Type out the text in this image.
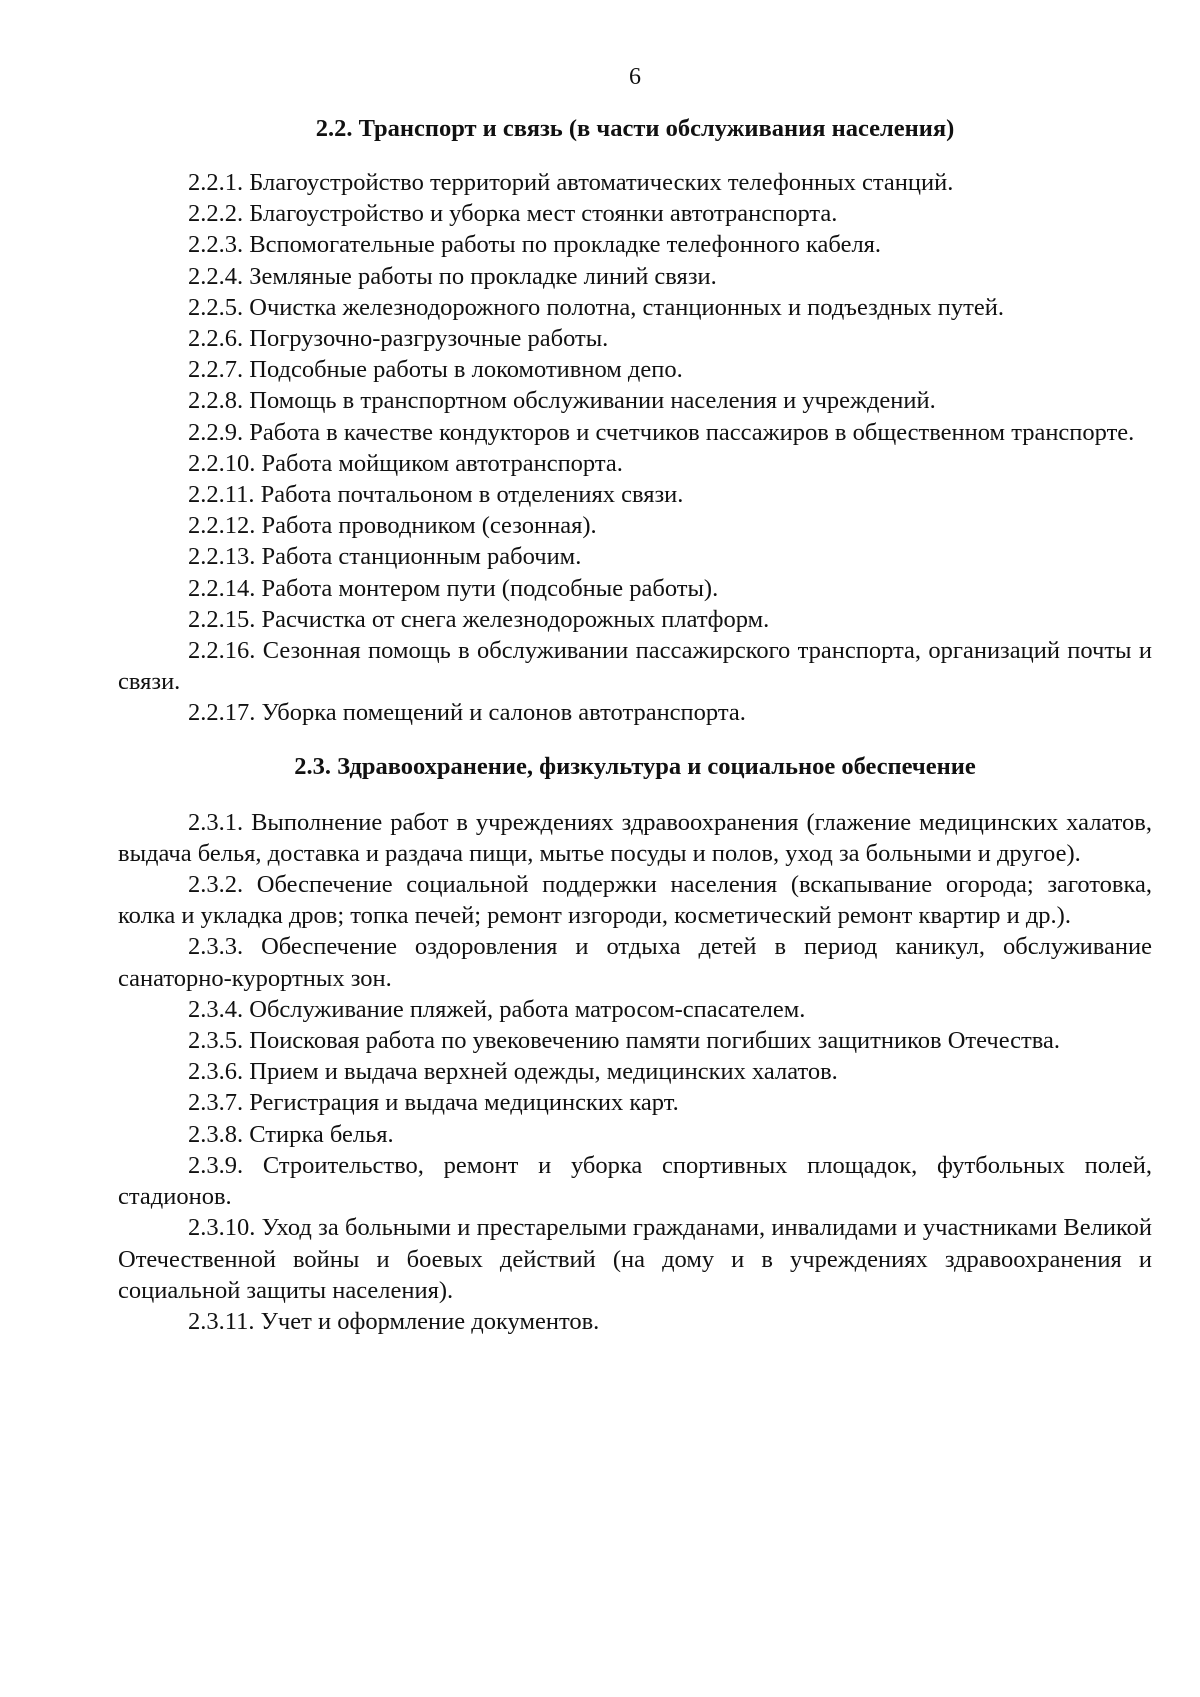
6
2.2. Транспорт и связь (в части обслуживания населения)

2.2.1. Благоустройство территорий автоматических телефонных станций.

2.2.2. Благоустройство и уборка мест стоянки автотранспорта.

2.2.3. Вспомогательные работы по прокладке телефонного кабеля.

2.2.4. Земляные работы по прокладке линий связи.

2.2.5. Очистка железнодорожного полотна, станционных и подъездных путей.

2.2.6. Погрузочно-разгрузочные работы.

2.2.7. Подсобные работы в локомотивном депо.

2.2.8. Помощь в транспортном обслуживании населения и учреждений.

2.2.9. Работа в качестве кондукторов и счетчиков пассажиров в общественном транспорте.

2.2.10. Работа мойщиком автотранспорта.

2.2.11. Работа почтальоном в отделениях связи.

2.2.12. Работа проводником (сезонная).

2.2.13. Работа станционным рабочим.

2.2.14. Работа монтером пути (подсобные работы).

2.2.15. Расчистка от снега железнодорожных платформ.

2.2.16. Сезонная помощь в обслуживании пассажирского транспорта, организаций почты и связи.

2.2.17. Уборка помещений и салонов автотранспорта.

2.3. Здравоохранение, физкультура и социальное обеспечение

2.3.1. Выполнение работ в учреждениях здравоохранения (глажение медицинских халатов, выдача белья, доставка и раздача пищи, мытье посуды и полов, уход за больными и другое).

2.3.2. Обеспечение социальной поддержки населения (вскапывание огорода; заготовка, колка и укладка дров; топка печей; ремонт изгороди, косметический ремонт квартир и др.).

2.3.3. Обеспечение оздоровления и отдыха детей в период каникул, обслуживание санаторно-курортных зон.

2.3.4. Обслуживание пляжей, работа матросом-спасателем.

2.3.5. Поисковая работа по увековечению памяти погибших защитников Отечества.

2.3.6. Прием и выдача верхней одежды, медицинских халатов.

2.3.7. Регистрация и выдача медицинских карт.

2.3.8. Стирка белья.

2.3.9. Строительство, ремонт и уборка спортивных площадок, футбольных полей, стадионов.

2.3.10. Уход за больными и престарелыми гражданами, инвалидами и участниками Великой Отечественной войны и боевых действий (на дому и в учреждениях здравоохранения и социальной защиты населения).

2.3.11. Учет и оформление документов.
